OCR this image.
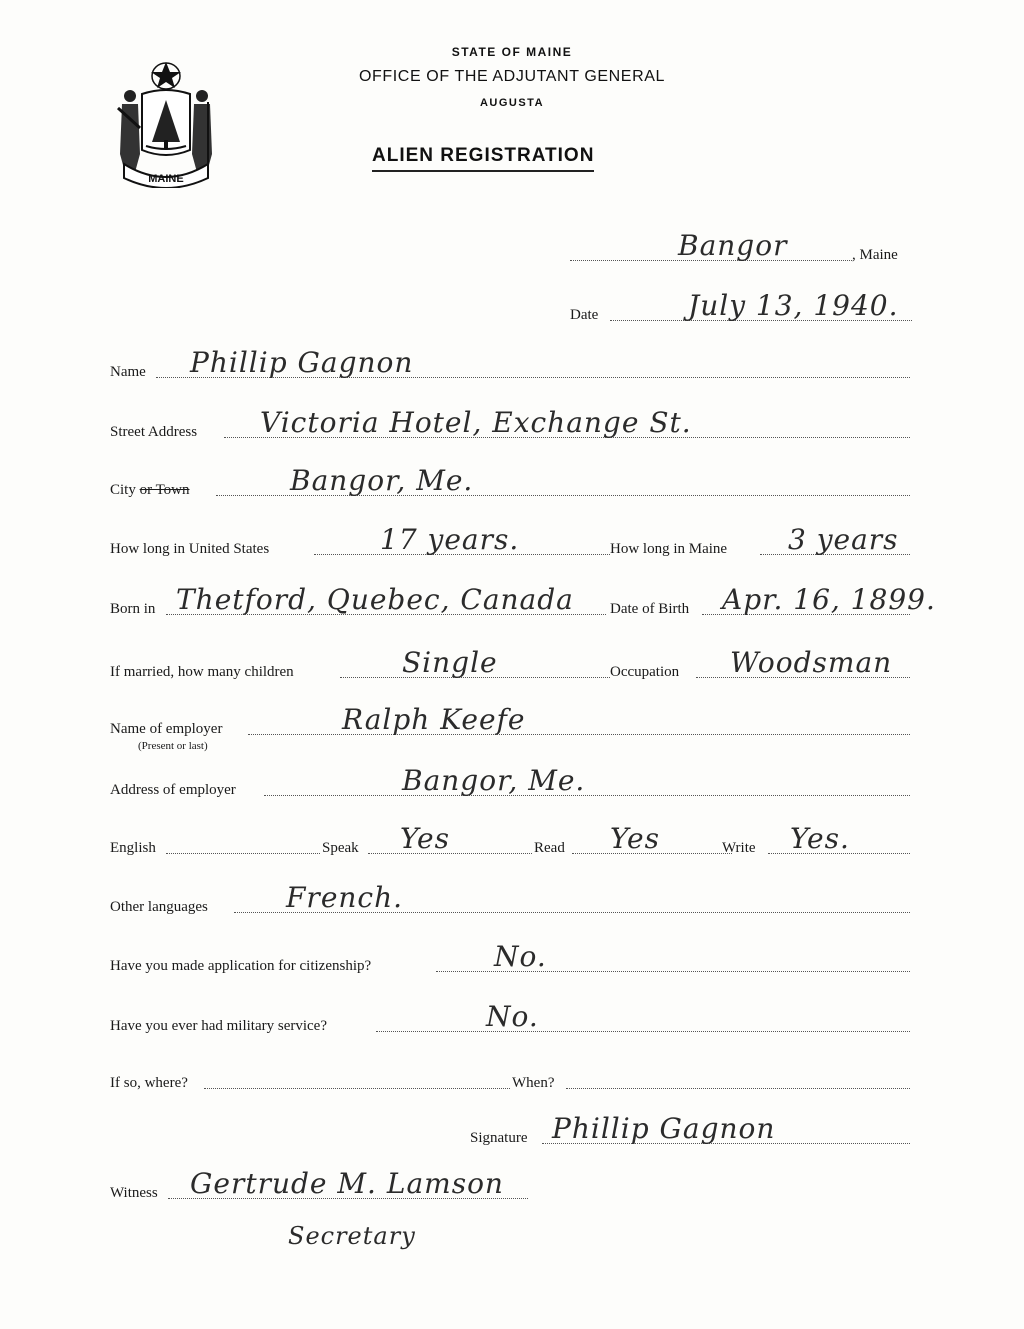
MAINE
STATE OF MAINE
OFFICE OF THE ADJUTANT GENERAL
AUGUSTA
ALIEN REGISTRATION
Bangor	, Maine
Date	July 13, 1940.
Name Phillip Gagnon
Street Address Victoria Hotel, Exchange St.
City or Town	Bangor, Me.
How long in United States	17 years.	How long in Maine 3 years
Born in Thetford, Quebec, Canada Date of Birth Apr. 16, 1899.
If married, how many children	Single	Occupation Woodsman
Name of employer	Ralph Keefe
(Present or last)
Address of employer	Bangor, Me.
English	Speak Yes	Read Yes	Write Yes.
Other languages	French.
Have you made application for citizenship?	No.
Have you ever had military service?	No.
If so, where?	When?
Signature Phillip Gagnon
Witness Gertrude M. Lamson
Secretary
